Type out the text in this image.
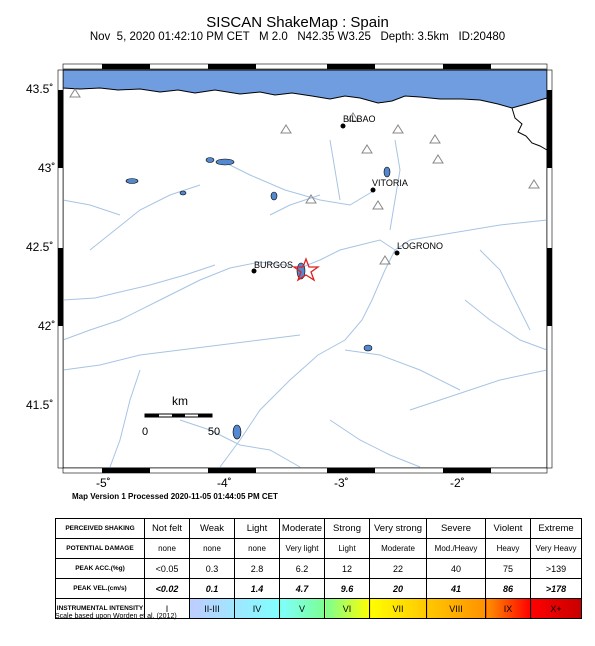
SISCAN ShakeMap : Spain
Nov  5, 2020 01:42:10 PM CET   M 2.0   N42.35 W3.25   Depth: 3.5km   ID:20480
BILBAO
VITORIA
LOGRONO
BURGOS
km
0	50
43.5˚
43˚
42.5˚
42˚
41.5˚
-5˚	-4˚	-3˚	-2˚
Map Version 1 Processed 2020-11-05 01:44:05 PM CET
PERCEIVED SHAKING	Not felt	Weak	Light	Moderate	Strong	Very strong	Severe	Violent	Extreme
POTENTIAL DAMAGE	none	none	none	Very light	Light	Moderate	Mod./Heavy	Heavy	Very Heavy
PEAK ACC.(%g)	<0.05	0.3	2.8	6.2	12	22	40	75	>139
PEAK VEL.(cm/s)	<0.02	0.1	1.4	4.7	9.6	20	41	86	>178
INSTRUMENTAL INTENSITY	I	II-III	IV	V	VI	VII	VIII	IX	X+
Scale based upon Worden et al. (2012)
